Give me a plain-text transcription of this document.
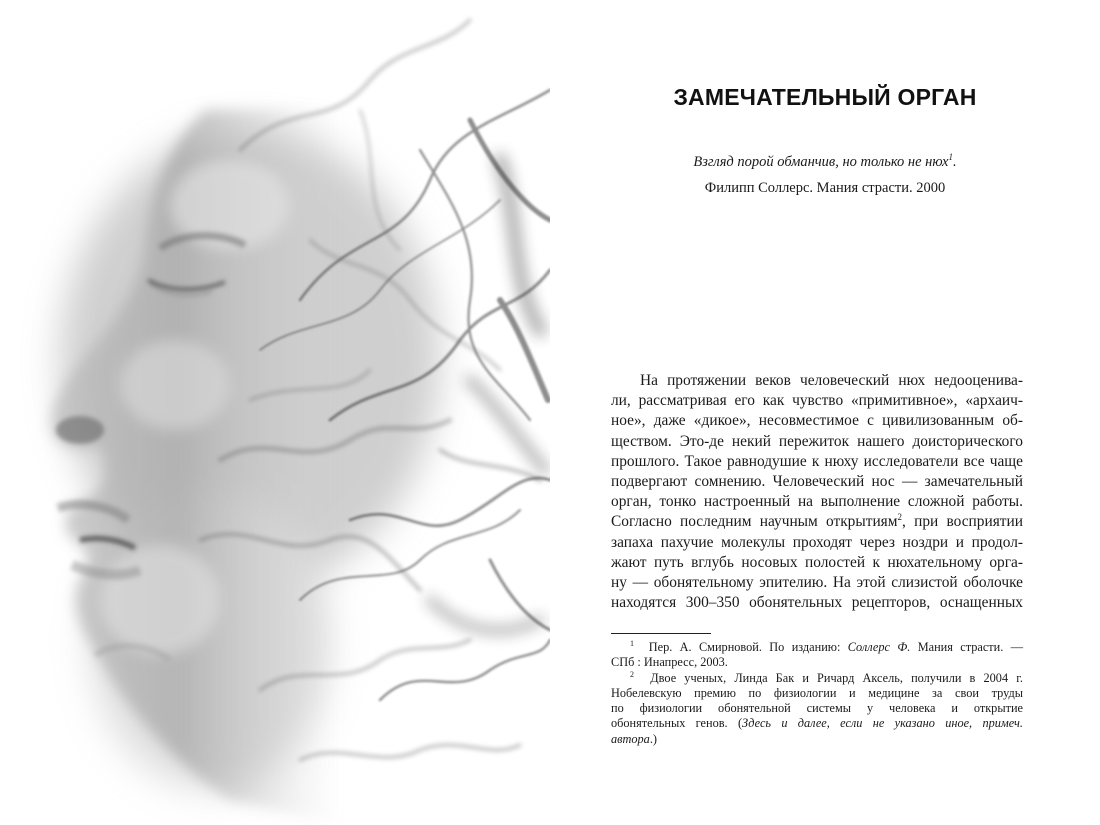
ЗАМЕЧАТЕЛЬНЫЙ ОРГАН

Взгляд порой обманчив, но только не нюх$^1$.

Филипп Соллерс. Мания страсти. 2000

На протяжении веков человеческий нюх недооценива-
ли, рассматривая его как чувство «примитивное», «архаич-
ное», даже «дикое», несовместимое с цивилизованным об-
ществом. Это-де некий пережиток нашего доисторического
прошлого. Такое равнодушие к нюху исследователи все чаще
подвергают сомнению. Человеческий нос — замечательный
орган, тонко настроенный на выполнение сложной работы.
Согласно последним научным открытиям$^2$, при восприятии
запаха пахучие молекулы проходят через ноздри и продол-
жают путь вглубь носовых полостей к нюхательному орга-
ну — обонятельному эпителию. На этой слизистой оболочке
находятся 300–350 обонятельных рецепторов, оснащенных
$^1$ Пер. А. Смирновой. По изданию: Соллерс Ф. Мания страсти. —
СПб : Инапресс, 2003.
$^2$ Двое ученых, Линда Бак и Ричард Аксель, получили в 2004 г.
Нобелевскую премию по физиологии и медицине за свои труды
по физиологии обонятельной системы у человека и открытие
обонятельных генов. (Здесь и далее, если не указано иное, примеч.
автора.)
